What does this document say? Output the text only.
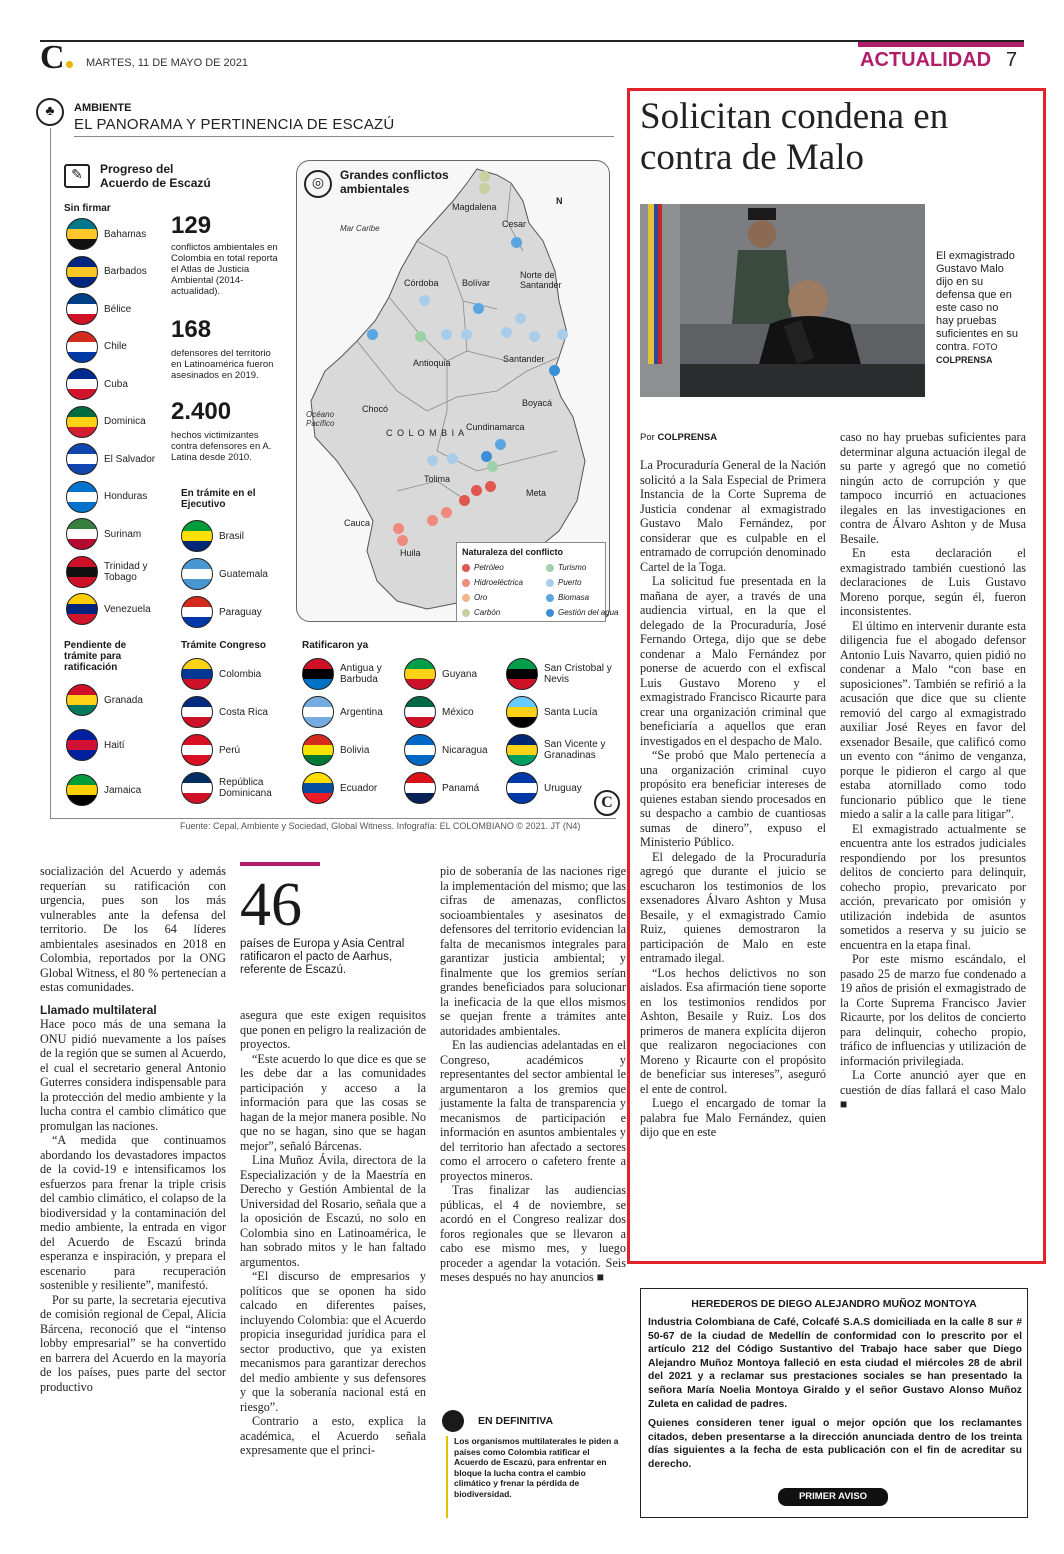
C	MARTES, 11 DE MAYO DE 2021	ACTUALIDAD 7
♣	AMBIENTE
EL PANORAMA Y PERTINENCIA DE ESCAZÚ
✎	Progreso del Acuerdo de Escazú
Sin firmar
129
conflictos ambientales en Colombia en total reporta el Atlas de Justicia Ambiental (2014-actualidad).
168
defensores del territorio en Latinoamérica fueron asesinados en 2019.
2.400
hechos victimizantes contra defensores en A. Latina desde 2010.
En trámite en el Ejecutivo
Pendiente de trámite para ratificación
Trámite Congreso	Ratificaron ya
Bahamas
Barbados
Bélice
Chile
Cuba
Dominica
El Salvador
Honduras
Surinam
Trinidad y Tobago
Venezuela
Brasil
Guatemala
Paraguay
Granada
Haití
Jamaica
Colombia
Costa Rica
Perú
República Dominicana
Antigua y Barbuda
Argentina
Bolivia
Ecuador
Guyana
México
Nicaragua
Panamá
San Cristobal y Nevis
Santa Lucía
San Vicente y Granadinas
Uruguay
◎
Grandes conflictos ambientales
N
Mar Caribe
Océano Pacífico
C O L O M B I A
Magdalena
Cesar
Córdoba	Bolívar
Norte de Santander
Antioquia	Santander
Boyacá
Chocó
Cundinamarca
Tolima
Meta
Cauca
Huila	Naturaleza del conflicto
Petróleo	Turismo
Hidroeléctrica	Puerto
Oro	Biomasa
Carbón	Gestión del agua
C
Fuente: Cepal, Ambiente y Sociedad, Global Witness. Infografía: EL COLOMBIANO © 2021. JT (N4)

socialización del Acuerdo y además requerían su ratificación con urgencia, pues son los más vulnerables ante la defensa del territorio. De los 64 líderes ambientales asesinados en 2018 en Colombia, reportados por la ONG Global Witness, el 80 % pertenecían a estas comunidades.

Llamado multilateral

Hace poco más de una semana la ONU pidió nuevamente a los países de la región que se sumen al Acuerdo, el cual el secretario general Antonio Guterres considera indispensable para la protección del medio ambiente y la lucha contra el cambio climático que promulgan las naciones.

“A medida que continuamos abordando los devastadores impactos de la covid-19 e intensificamos los esfuerzos para frenar la triple crisis del cambio climático, el colapso de la biodiversidad y la contaminación del medio ambiente, la entrada en vigor del Acuerdo de Escazú brinda esperanza e inspiración, y prepara el escenario para recuperación sostenible y resiliente”, manifestó.

Por su parte, la secretaria ejecutiva de comisión regional de Cepal, Alicia Bárcena, reconoció que el “intenso lobby empresarial” se ha convertido en barrera del Acuerdo en la mayoría de los países, pues parte del sector productivo

46
países de Europa y Asia Central ratificaron el pacto de Aarhus, referente de Escazú.

asegura que este exigen requisitos que ponen en peligro la realización de proyectos.

“Este acuerdo lo que dice es que se les debe dar a las comunidades participación y acceso a la información para que las cosas se hagan de la mejor manera posible. No que no se hagan, sino que se hagan mejor”, señaló Bárcenas.

Lina Muñoz Ávila, directora de la Especialización y de la Maestría en Derecho y Gestión Ambiental de la Universidad del Rosario, señala que a la oposición de Escazú, no solo en Colombia sino en Latinoamérica, le han sobrado mitos y le han faltado argumentos.

“El discurso de empresarios y políticos que se oponen ha sido calcado en diferentes países, incluyendo Colombia: que el Acuerdo propicia inseguridad jurídica para el sector productivo, que ya existen mecanismos para garantizar derechos del medio ambiente y sus defensores y que la soberanía nacional está en riesgo”.

Contrario a esto, explica la académica, el Acuerdo señala expresamente que el princi-

pio de soberanía de las naciones rige la implementación del mismo; que las cifras de amenazas, conflictos socioambientales y asesinatos de defensores del territorio evidencian la falta de mecanismos integrales para garantizar justicia ambiental; y finalmente que los gremios serían grandes beneficiados para solucionar la ineficacia de la que ellos mismos se quejan frente a trámites ante autoridades ambientales.

En las audiencias adelantadas en el Congreso, académicos y representantes del sector ambiental le argumentaron a los gremios que justamente la falta de transparencia y mecanismos de participación e información en asuntos ambientales y del territorio han afectado a sectores como el arrocero o cafetero frente a proyectos mineros.

Tras finalizar las audiencias públicas, el 4 de noviembre, se acordó en el Congreso realizar dos foros regionales que se llevaron a cabo ese mismo mes, y luego proceder a agendar la votación. Seis meses después no hay anuncios ■

EN DEFINITIVA
Los organismos multilaterales le piden a países como Colombia ratificar el Acuerdo de Escazú, para enfrentar en bloque la lucha contra el cambio climático y frenar la pérdida de biodiversidad.
Solicitan condena en contra de Malo
El exmagistrado Gustavo Malo dijo en su defensa que en este caso no hay pruebas suficientes en su contra. FOTO COLPRENSA
Por COLPRENSA

La Procuraduría General de la Nación solicitó a la Sala Especial de Primera Instancia de la Corte Suprema de Justicia condenar al exmagistrado Gustavo Malo Fernández, por considerar que es culpable en el entramado de corrupción denominado Cartel de la Toga.

La solicitud fue presentada en la mañana de ayer, a través de una audiencia virtual, en la que el delegado de la Procuraduría, José Fernando Ortega, dijo que se debe condenar a Malo Fernández por ponerse de acuerdo con el exfiscal Luis Gustavo Moreno y el exmagistrado Francisco Ricaurte para crear una organización criminal que beneficiaría a aquellos que eran investigados en el despacho de Malo.

“Se probó que Malo pertenecía a una organización criminal cuyo propósito era beneficiar intereses de quienes estaban siendo procesados en su despacho a cambio de cuantiosas sumas de dinero”, expuso el Ministerio Público.

El delegado de la Procuraduría agregó que durante el juicio se escucharon los testimonios de los exsenadores Álvaro Ashton y Musa Besaile, y el exmagistrado Camio Ruiz, quienes demostraron la participación de Malo en este entramado ilegal.

“Los hechos delictivos no son aislados. Esa afirmación tiene soporte en los testimonios rendidos por Ashton, Besaile y Ruiz. Los dos primeros de manera explícita dijeron que realizaron negociaciones con Moreno y Ricaurte con el propósito de beneficiar sus intereses”, aseguró el ente de control.

Luego el encargado de tomar la palabra fue Malo Fernández, quien dijo que en este

caso no hay pruebas suficientes para determinar alguna actuación ilegal de su parte y agregó que no cometió ningún acto de corrupción y que tampoco incurrió en actuaciones ilegales en las investigaciones en contra de Álvaro Ashton y de Musa Besaile.

En esta declaración el exmagistrado también cuestionó las declaraciones de Luis Gustavo Moreno porque, según él, fueron inconsistentes.

El último en intervenir durante esta diligencia fue el abogado defensor Antonio Luis Navarro, quien pidió no condenar a Malo “con base en suposiciones”. También se refirió a la acusación que dice que su cliente removió del cargo al exmagistrado auxiliar José Reyes en favor del exsenador Besaile, que calificó como un evento con “ánimo de venganza, porque le pidieron el cargo al que estaba atornillado como todo funcionario público que le tiene miedo a salir a la calle para litigar”.

El exmagistrado actualmente se encuentra ante los estrados judiciales respondiendo por los presuntos delitos de concierto para delinquir, cohecho propio, prevaricato por acción, prevaricato por omisión y utilización indebida de asuntos sometidos a reserva y su juicio se encuentra en la etapa final.

Por este mismo escándalo, el pasado 25 de marzo fue condenado a 19 años de prisión el exmagistrado de la Corte Suprema Francisco Javier Ricaurte, por los delitos de concierto para delinquir, cohecho propio, tráfico de influencias y utilización de información privilegiada.

La Corte anunció ayer que en cuestión de días fallará el caso Malo ■

HEREDEROS DE DIEGO ALEJANDRO MUÑOZ MONTOYA

Industria Colombiana de Café, Colcafé S.A.S domiciliada en la calle 8 sur # 50-67 de la ciudad de Medellín de conformidad con lo prescrito por el artículo 212 del Código Sustantivo del Trabajo hace saber que Diego Alejandro Muñoz Montoya falleció en esta ciudad el miércoles 28 de abril del 2021 y a reclamar sus prestaciones sociales se han presentado la señora María Noelia Montoya Giraldo y el señor Gustavo Alonso Muñoz Zuleta en calidad de padres.

Quienes consideren tener igual o mejor opción que los reclamantes citados, deben presentarse a la dirección anunciada dentro de los treinta días siguientes a la fecha de esta publicación con el fin de acreditar su derecho.

PRIMER AVISO
